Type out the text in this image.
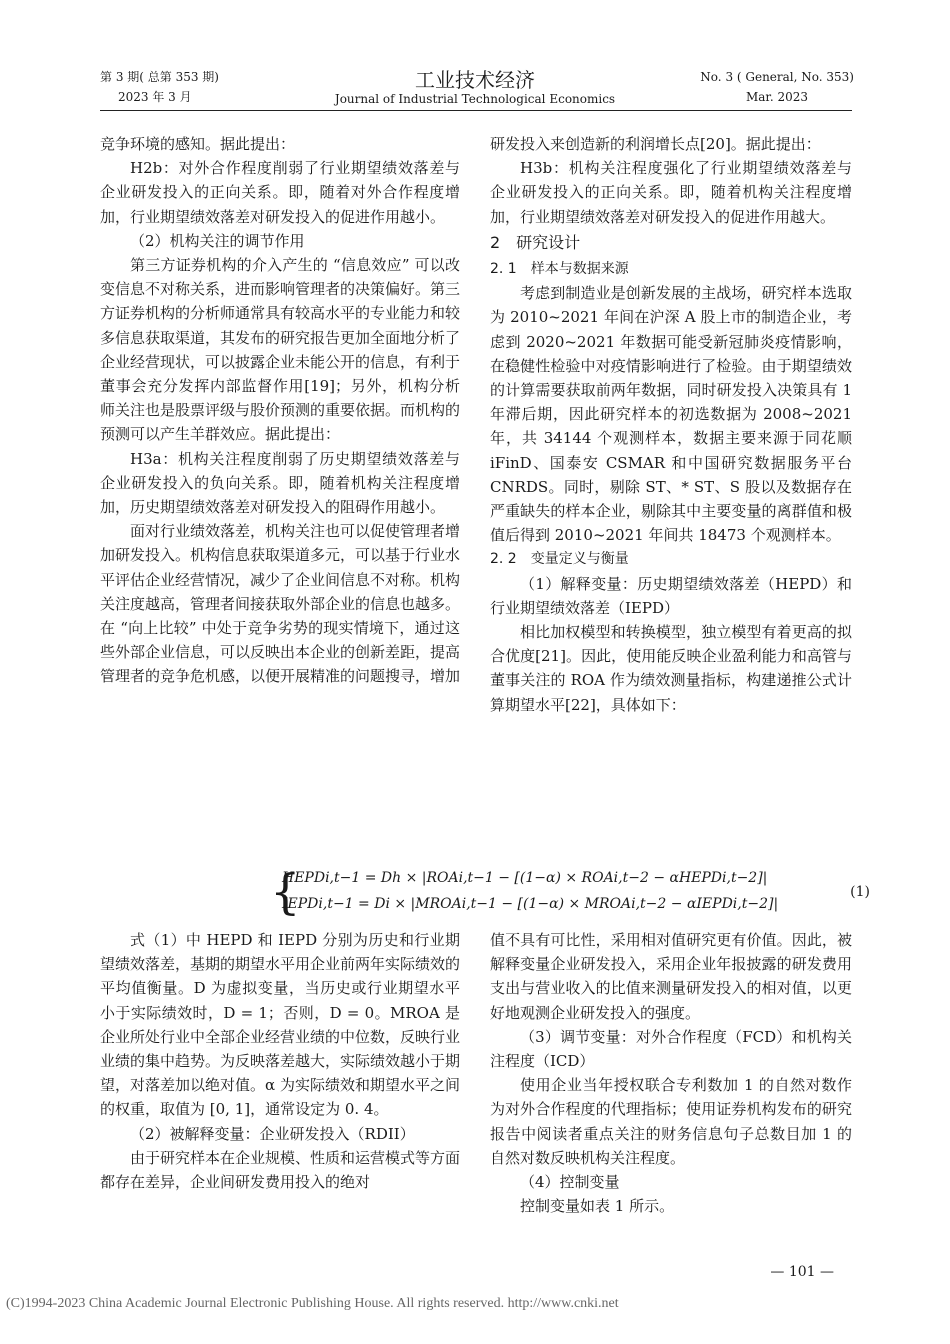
第 3 期( 总第 353 期)
2023 年 3 月
工业技术经济
Journal of Industrial Technological Economics
No. 3 ( General, No. 353)
Mar. 2023

竞争环境的感知。据此提出：

H2b：对外合作程度削弱了行业期望绩效落差与企业研发投入的正向关系。即，随着对外合作程度增加，行业期望绩效落差对研发投入的促进作用越小。

（2）机构关注的调节作用

第三方证券机构的介入产生的 “信息效应” 可以改变信息不对称关系，进而影响管理者的决策偏好。第三方证券机构的分析师通常具有较高水平的专业能力和较多信息获取渠道，其发布的研究报告更加全面地分析了企业经营现状，可以披露企业未能公开的信息，有利于董事会充分发挥内部监督作用[19]；另外，机构分析师关注也是股票评级与股价预测的重要依据。而机构的预测可以产生羊群效应。据此提出：

H3a：机构关注程度削弱了历史期望绩效落差与企业研发投入的负向关系。即，随着机构关注程度增加，历史期望绩效落差对研发投入的阻碍作用越小。

面对行业绩效落差，机构关注也可以促使管理者增加研发投入。机构信息获取渠道多元，可以基于行业水平评估企业经营情况，减少了企业间信息不对称。机构关注度越高，管理者间接获取外部企业的信息也越多。在 “向上比较” 中处于竞争劣势的现实情境下，通过这些外部企业信息，可以反映出本企业的创新差距，提高管理者的竞争危机感，以便开展精准的问题搜寻，增加

研发投入来创造新的利润增长点[20]。据此提出：

H3b：机构关注程度强化了行业期望绩效落差与企业研发投入的正向关系。即，随着机构关注程度增加，行业期望绩效落差对研发投入的促进作用越大。

2　研究设计

2. 1　样本与数据来源

考虑到制造业是创新发展的主战场，研究样本选取为 2010~2021 年间在沪深 A 股上市的制造企业，考虑到 2020~2021 年数据可能受新冠肺炎疫情影响，在稳健性检验中对疫情影响进行了检验。由于期望绩效的计算需要获取前两年数据，同时研发投入决策具有 1 年滞后期，因此研究样本的初选数据为 2008~2021 年，共 34144 个观测样本，数据主要来源于同花顺 iFinD、国泰安 CSMAR 和中国研究数据服务平台 CNRDS。同时，剔除 ST、* ST、S 股以及数据存在严重缺失的样本企业，剔除其中主要变量的离群值和极值后得到 2010~2021 年间共 18473 个观测样本。

2. 2　变量定义与衡量

（1）解释变量：历史期望绩效落差（HEPD）和行业期望绩效落差（IEPD）

相比加权模型和转换模型，独立模型有着更高的拟合优度[21]。因此，使用能反映企业盈利能力和高管与董事关注的 ROA 作为绩效测量指标，构建递推公式计算期望水平[22]，具体如下：

{
HEPDi,t−1 = Dh × |ROAi,t−1 − [(1−α) × ROAi,t−2 − αHEPDi,t−2]|
IEPDi,t−1 = Di × |MROAi,t−1 − [(1−α) × MROAi,t−2 − αIEPDi,t−2]|
(1)

式（1）中 HEPD 和 IEPD 分别为历史和行业期望绩效落差，基期的期望水平用企业前两年实际绩效的平均值衡量。D 为虚拟变量，当历史或行业期望水平小于实际绩效时，D = 1；否则，D = 0。MROA 是企业所处行业中全部企业经营业绩的中位数，反映行业业绩的集中趋势。为反映落差越大，实际绩效越小于期望，对落差加以绝对值。α 为实际绩效和期望水平之间的权重，取值为 [0, 1]，通常设定为 0. 4。

（2）被解释变量：企业研发投入（RDII）

由于研究样本在企业规模、性质和运营模式等方面都存在差异，企业间研发费用投入的绝对

值不具有可比性，采用相对值研究更有价值。因此，被解释变量企业研发投入，采用企业年报披露的研发费用支出与营业收入的比值来测量研发投入的相对值，以更好地观测企业研发投入的强度。

（3）调节变量：对外合作程度（FCD）和机构关注程度（ICD）

使用企业当年授权联合专利数加 1 的自然对数作为对外合作程度的代理指标；使用证券机构发布的研究报告中阅读者重点关注的财务信息句子总数目加 1 的自然对数反映机构关注程度。

（4）控制变量

控制变量如表 1 所示。

— 101 —
(C)1994-2023 China Academic Journal Electronic Publishing House. All rights reserved. http://www.cnki.net
